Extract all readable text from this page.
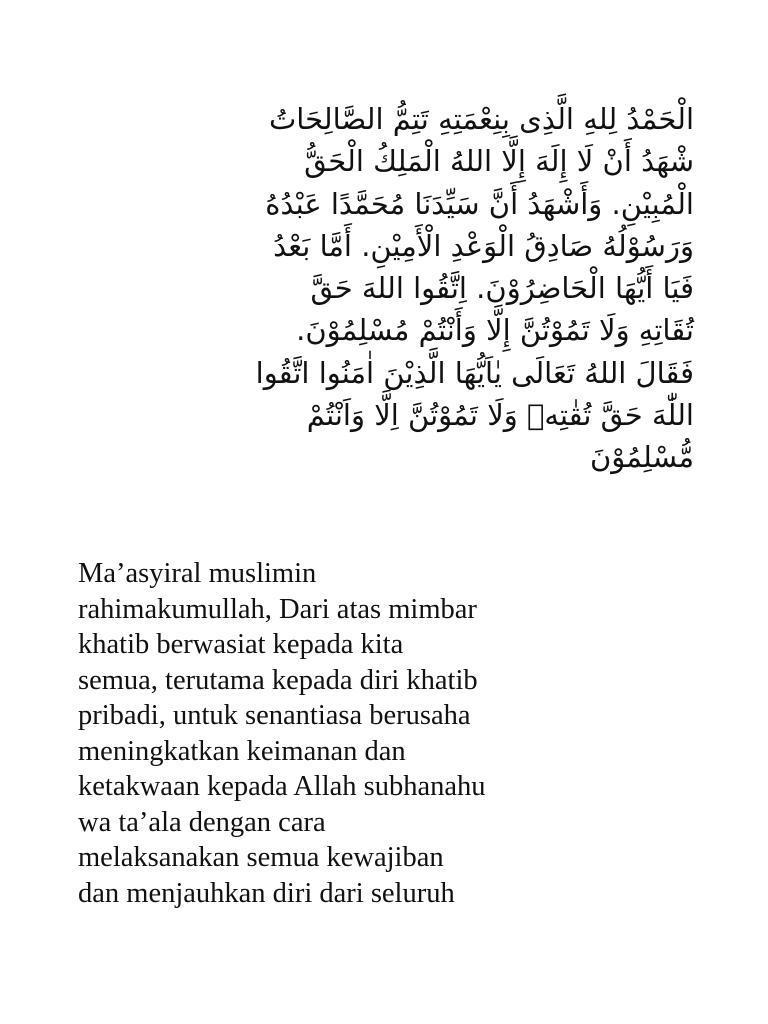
الْحَمْدُ لِلهِ الَّذِى بِنِعْمَتِهِ تَتِمُّ الصَّالِحَاتُ
شْهَدُ أَنْ لَا إِلَهَ إِلَّا اللهُ الْمَلِكُ الْحَقُّ
الْمُبِيْنِ. وَأَشْهَدُ أَنَّ سَيِّدَنَا مُحَمَّدًا عَبْدُهُ
وَرَسُوْلُهُ صَادِقُ الْوَعْدِ الْأَمِيْنِ. أَمَّا بَعْدُ
فَيَا أَيُّهَا الْحَاضِرُوْنَ. اِتَّقُوا اللهَ حَقَّ
تُقَاتِهِ وَلَا تَمُوْتُنَّ إِلَّا وَأَنْتُمْ مُسْلِمُوْنَ.
فَقَالَ اللهُ تَعَالَى يٰاَيُّهَا الَّذِيْنَ اٰمَنُوا اتَّقُوا
اللّٰهَ حَقَّ تُقٰتِهٖ وَلَا تَمُوْتُنَّ اِلَّا وَاَنْتُمْ
مُّسْلِمُوْنَ
Ma’asyiral muslimin
rahimakumullah, Dari atas mimbar
khatib berwasiat kepada kita
semua, terutama kepada diri khatib
pribadi, untuk senantiasa berusaha
meningkatkan keimanan dan
ketakwaan kepada Allah subhanahu
wa ta’ala dengan cara
melaksanakan semua kewajiban
dan menjauhkan diri dari seluruh
